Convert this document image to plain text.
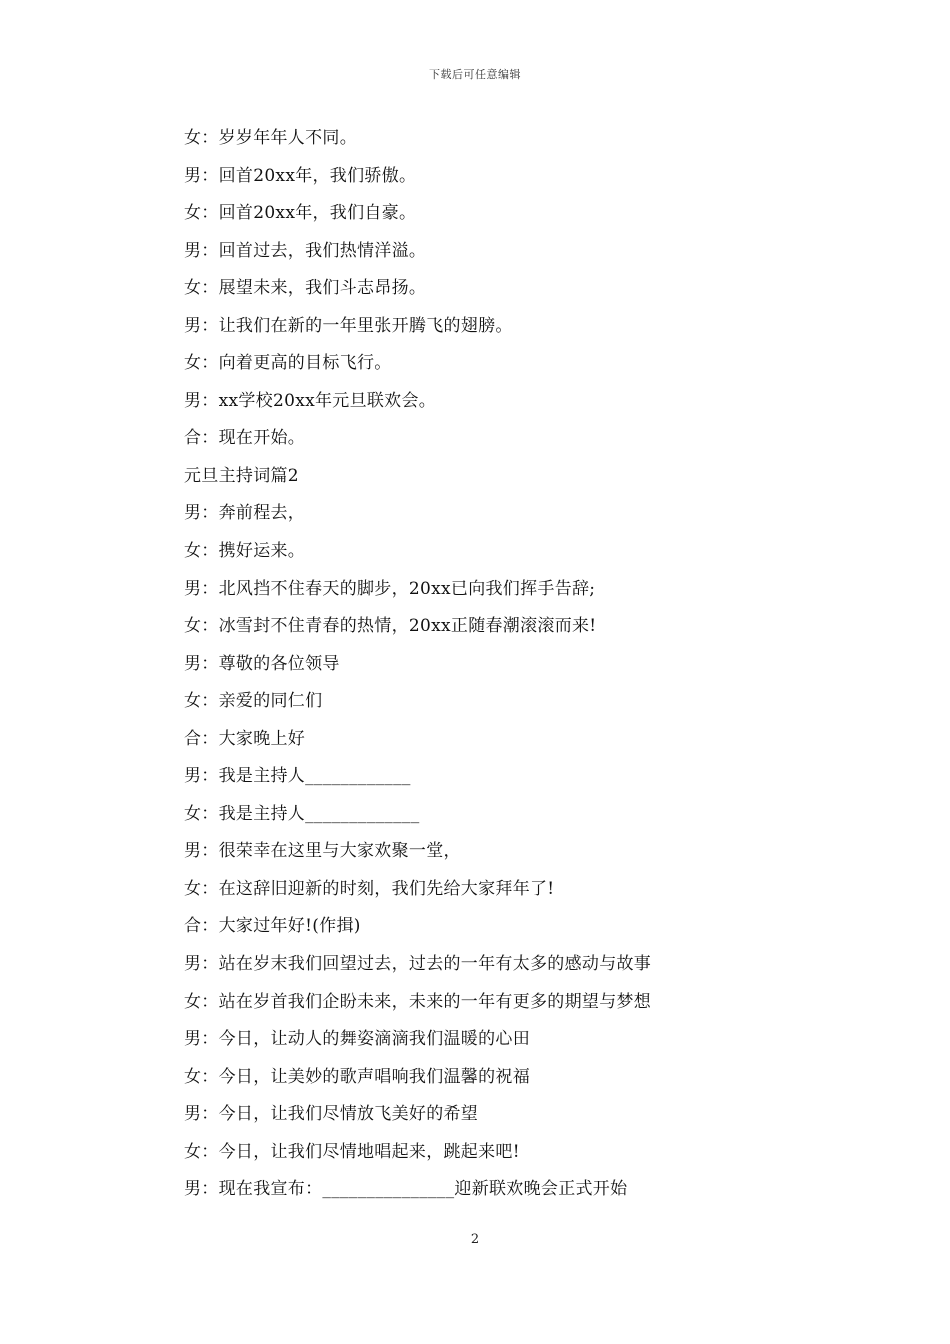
下载后可任意编辑
女：岁岁年年人不同。
男：回首20xx年，我们骄傲。
女：回首20xx年，我们自豪。
男：回首过去，我们热情洋溢。
女：展望未来，我们斗志昂扬。
男：让我们在新的一年里张开腾飞的翅膀。
女：向着更高的目标飞行。
男：xx学校20xx年元旦联欢会。
合：现在开始。
元旦主持词篇2
男：奔前程去，
女：携好运来。
男：北风挡不住春天的脚步，20xx已向我们挥手告辞;
女：冰雪封不住青春的热情，20xx正随春潮滚滚而来!
男：尊敬的各位领导
女：亲爱的同仁们
合：大家晚上好
男：我是主持人____________
女：我是主持人_____________
男：很荣幸在这里与大家欢聚一堂，
女：在这辞旧迎新的时刻，我们先给大家拜年了!
合：大家过年好!(作揖)
男：站在岁末我们回望过去，过去的一年有太多的感动与故事
女：站在岁首我们企盼未来，未来的一年有更多的期望与梦想
男：今日，让动人的舞姿滴滴我们温暖的心田
女：今日，让美妙的歌声唱响我们温馨的祝福
男：今日，让我们尽情放飞美好的希望
女：今日，让我们尽情地唱起来，跳起来吧!
男：现在我宣布：_______________迎新联欢晚会正式开始
2
